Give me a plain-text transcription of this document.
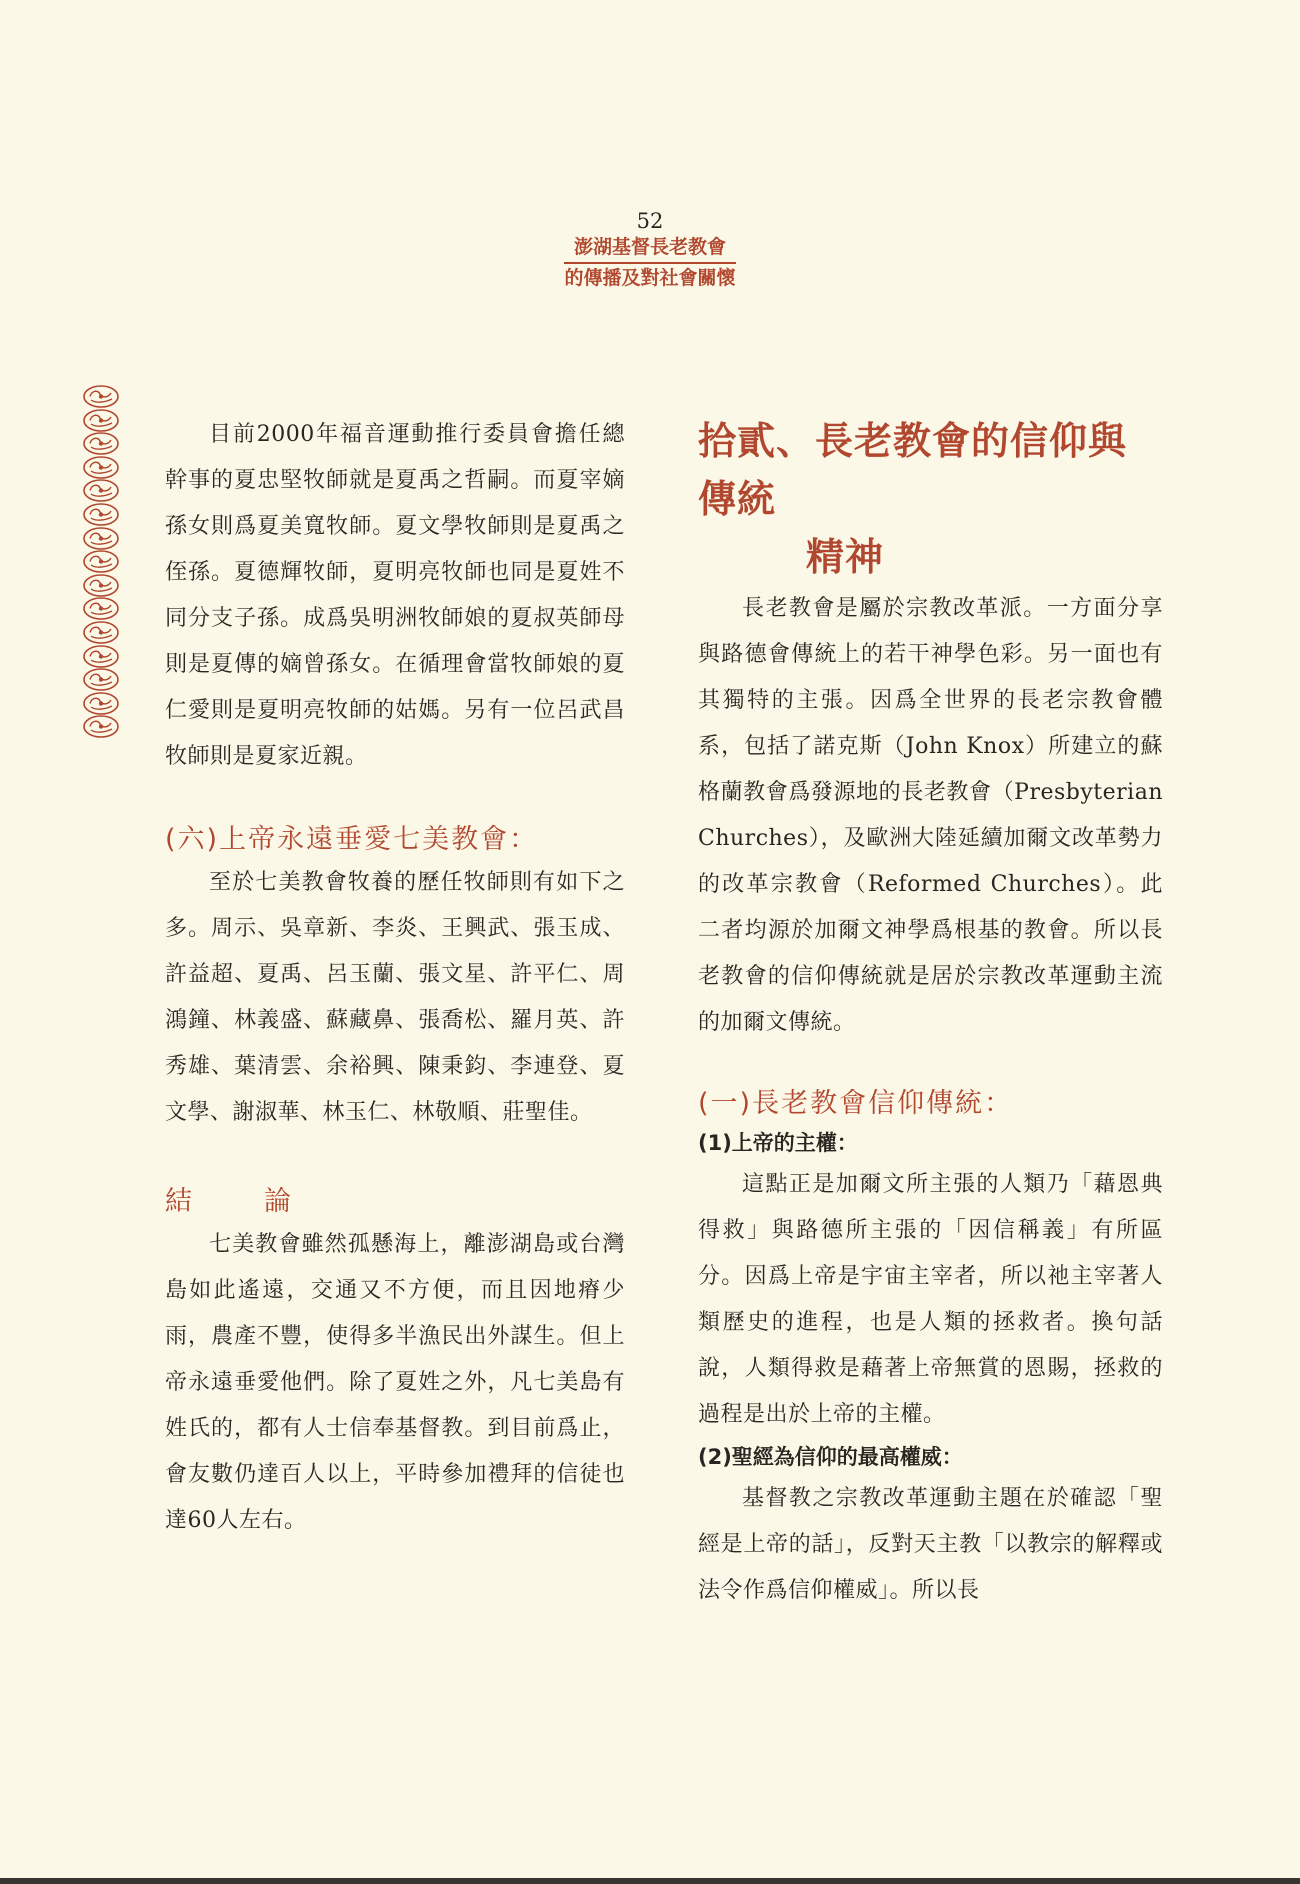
52
澎湖基督長老教會
的傳播及對社會關懷

目前2000年福音運動推行委員會擔任總幹事的夏忠堅牧師就是夏禹之哲嗣。而夏宰嫡孫女則爲夏美寬牧師。夏文學牧師則是夏禹之侄孫。夏德輝牧師，夏明亮牧師也同是夏姓不同分支子孫。成爲吳明洲牧師娘的夏叔英師母則是夏傳的嫡曾孫女。在循理會當牧師娘的夏仁愛則是夏明亮牧師的姑媽。另有一位呂武昌牧師則是夏家近親。

(六)上帝永遠垂愛七美教會：

至於七美教會牧養的歷任牧師則有如下之多。周示、吳章新、李炎、王興武、張玉成、許益超、夏禹、呂玉蘭、張文星、許平仁、周鴻鐘、林義盛、蘇藏鼻、張喬松、羅月英、許秀雄、葉清雲、余裕興、陳秉鈞、李連登、夏文學、謝淑華、林玉仁、林敬順、莊聖佳。

結	論

七美教會雖然孤懸海上，離澎湖島或台灣島如此遙遠，交通又不方便，而且因地瘠少雨，農產不豐，使得多半漁民出外謀生。但上帝永遠垂愛他們。除了夏姓之外，凡七美島有姓氏的，都有人士信奉基督教。到目前爲止，會友數仍達百人以上，平時參加禮拜的信徒也達60人左右。

拾貳、長老教會的信仰與傳統
精神

長老教會是屬於宗教改革派。一方面分享與路德會傳統上的若干神學色彩。另一面也有其獨特的主張。因爲全世界的長老宗教會體系，包括了諾克斯（John Knox）所建立的蘇格蘭教會爲發源地的長老教會（Presbyterian Churches），及歐洲大陸延續加爾文改革勢力的改革宗教會（Reformed Churches）。此二者均源於加爾文神學爲根基的教會。所以長老教會的信仰傳統就是居於宗教改革運動主流的加爾文傳統。

(一)長老教會信仰傳統：

(1)上帝的主權：

這點正是加爾文所主張的人類乃「藉恩典得救」與路德所主張的「因信稱義」有所區分。因爲上帝是宇宙主宰者，所以祂主宰著人類歷史的進程，也是人類的拯救者。換句話說，人類得救是藉著上帝無賞的恩賜，拯救的過程是出於上帝的主權。

(2)聖經為信仰的最高權威：

基督教之宗教改革運動主題在於確認「聖經是上帝的話」，反對天主教「以教宗的解釋或法令作爲信仰權威」。所以長
